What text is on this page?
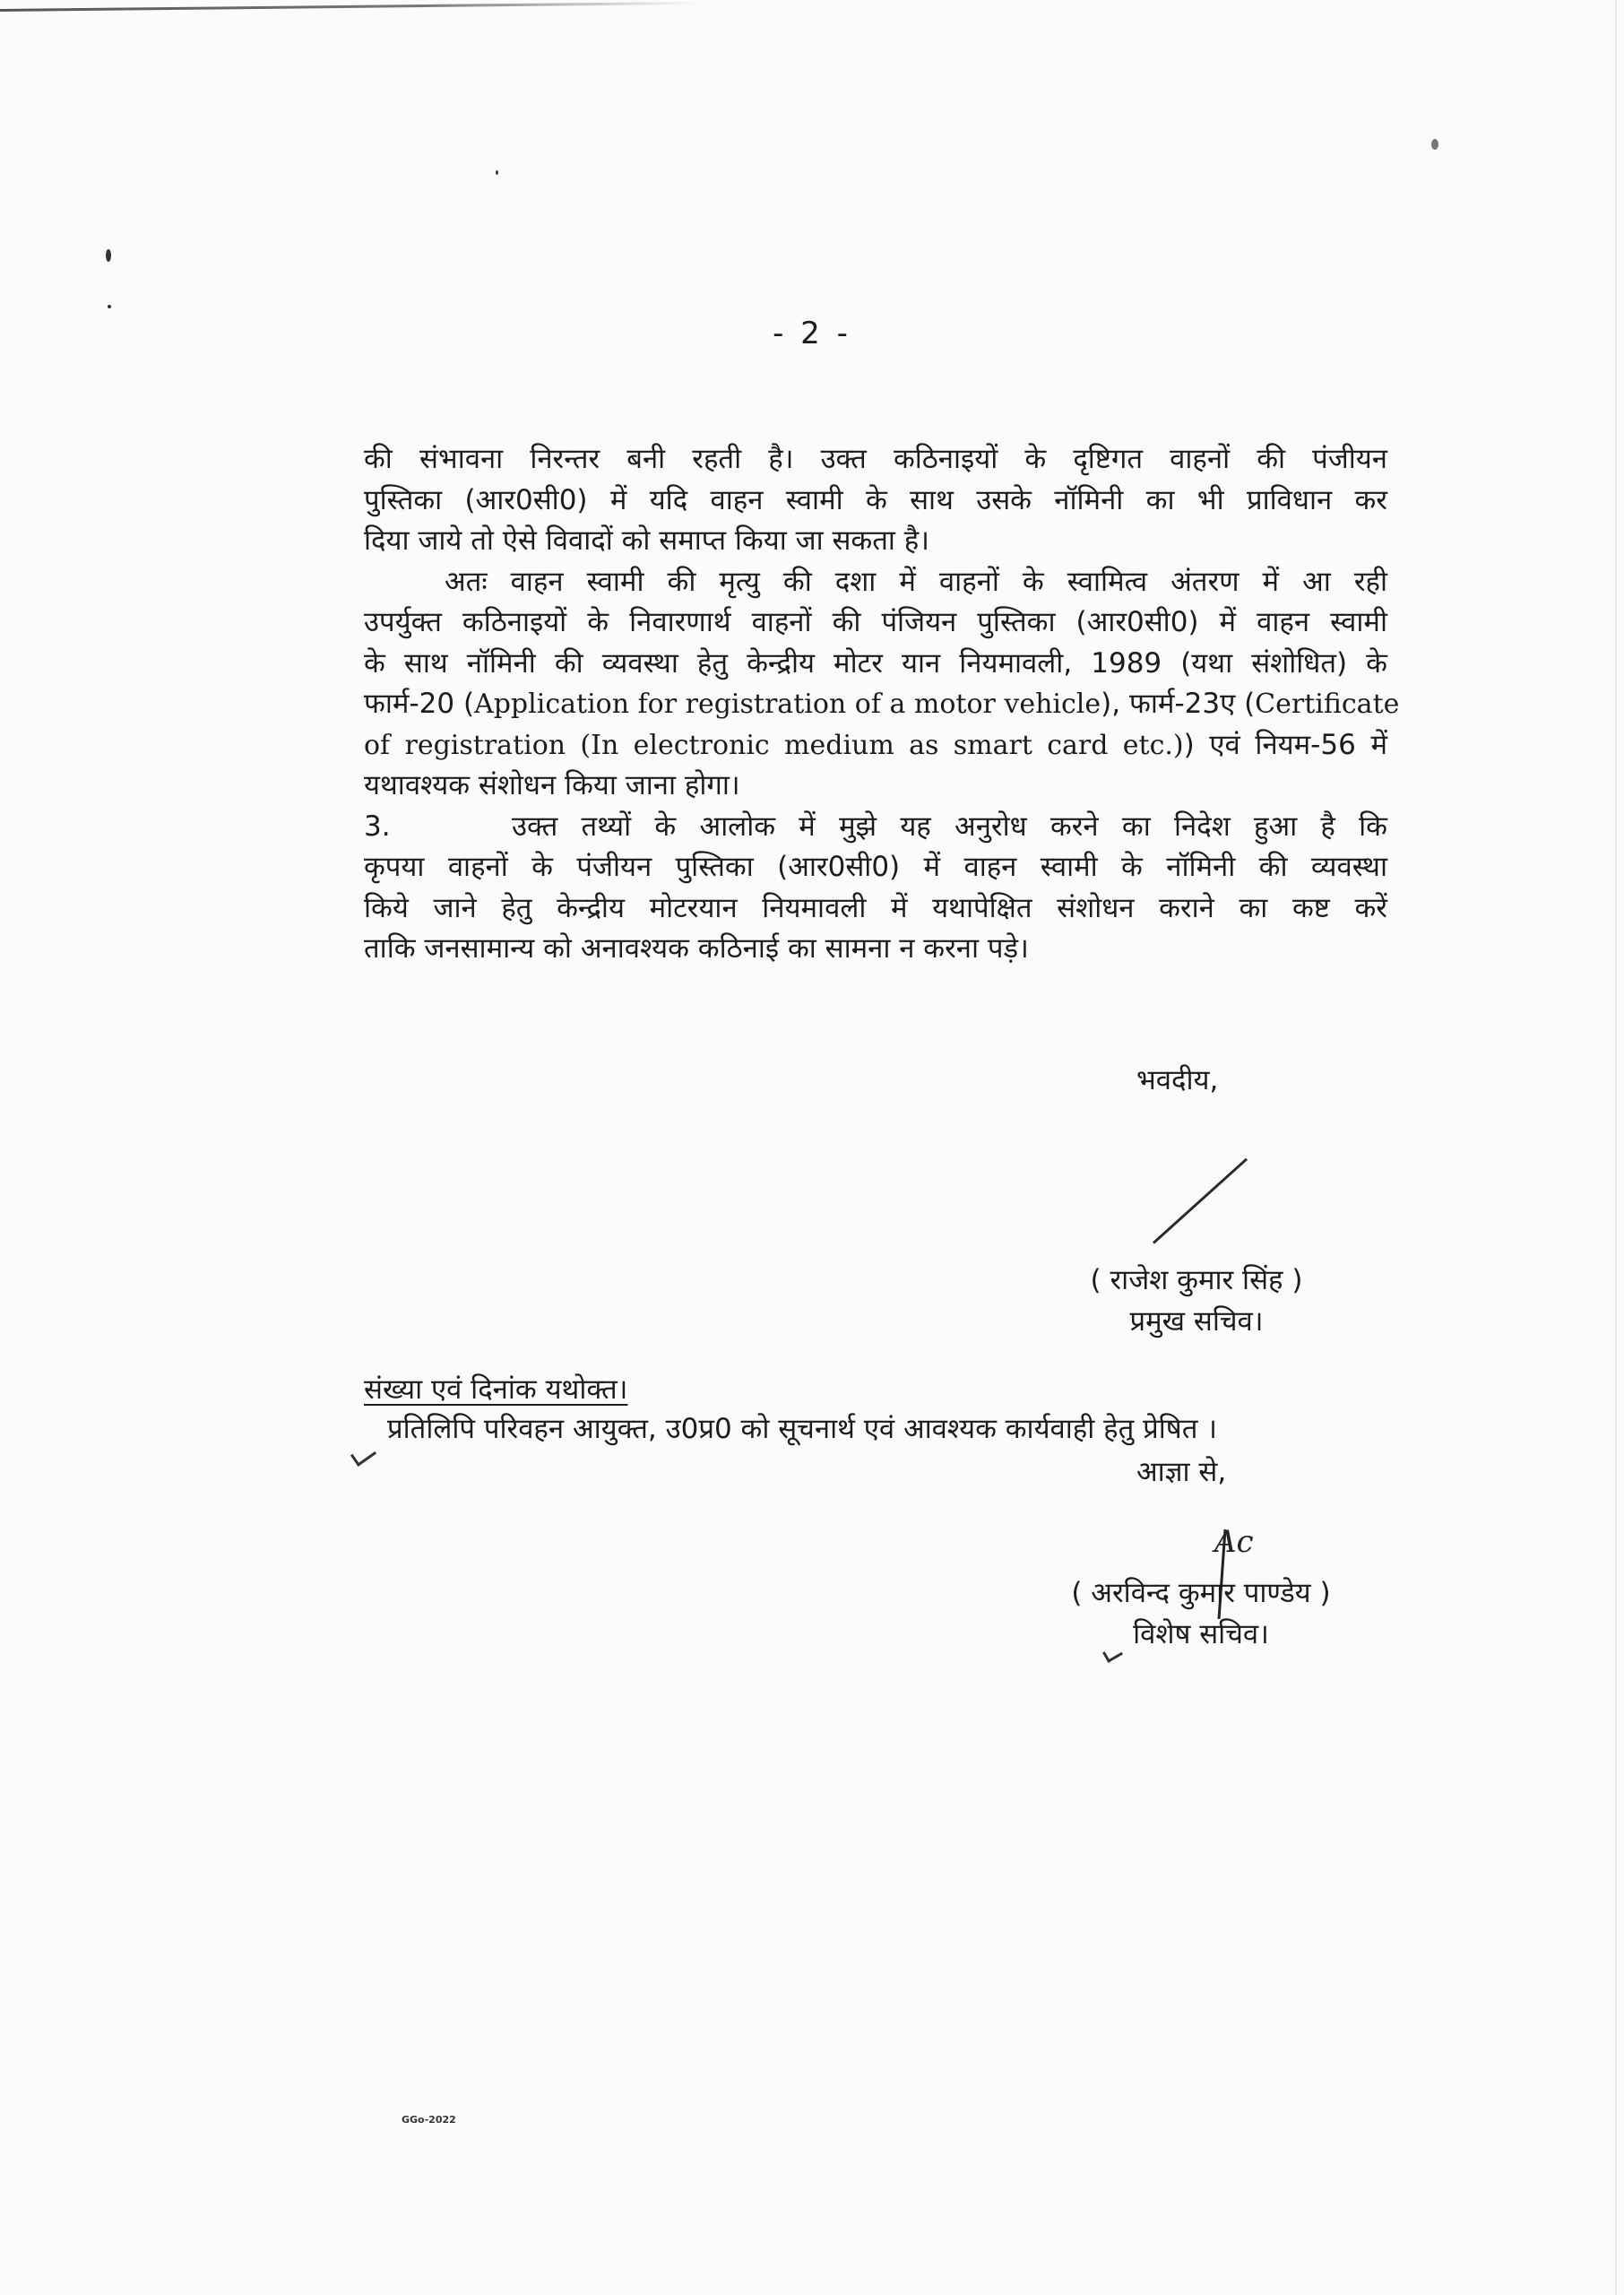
- 2 -
की संभावना निरन्तर बनी रहती है। उक्त कठिनाइयों के दृष्टिगत वाहनों की पंजीयन
पुस्तिका (आर0सी0) में यदि वाहन स्वामी के साथ उसके नॉमिनी का भी प्राविधान कर
दिया जाये तो ऐसे विवादों को समाप्त किया जा सकता है।
अतः वाहन स्वामी की मृत्यु की दशा में वाहनों के स्वामित्व अंतरण में आ रही
उपर्युक्त कठिनाइयों के निवारणार्थ वाहनों की पंजियन पुस्तिका (आर0सी0) में वाहन स्वामी
के साथ नॉमिनी की व्यवस्था हेतु केन्द्रीय मोटर यान नियमावली, 1989 (यथा संशोधित) के
फार्म-20 (Application for registration of a motor vehicle), फार्म-23ए (Certificate
of registration (In electronic medium as smart card etc.)) एवं नियम-56 में
यथावश्यक संशोधन किया जाना होगा।
3.	उक्त तथ्यों के आलोक में मुझे यह अनुरोध करने का निदेश हुआ है कि
कृपया वाहनों के पंजीयन पुस्तिका (आर0सी0) में वाहन स्वामी के नॉमिनी की व्यवस्था
किये जाने हेतु केन्द्रीय मोटरयान नियमावली में यथापेक्षित संशोधन कराने का कष्ट करें
ताकि जनसामान्य को अनावश्यक कठिनाई का सामना न करना पड़े।
भवदीय,
( राजेश कुमार सिंह )
प्रमुख सचिव।
संख्या एवं दिनांक यथोक्त।
प्रतिलिपि परिवहन आयुक्त, उ0प्र0 को सूचनार्थ एवं आवश्यक कार्यवाही हेतु प्रेषित ।
आज्ञा से,
Ac
( अरविन्द कुमार पाण्डेय )
विशेष सचिव।
GGo-2022
